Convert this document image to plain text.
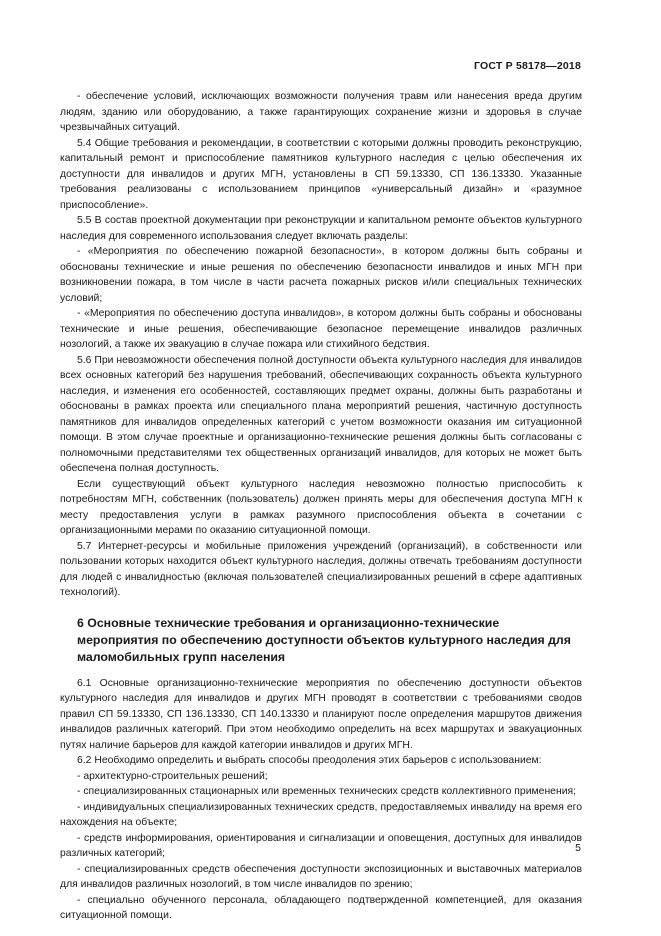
ГОСТ Р 58178—2018

- обеспечение условий, исключающих возможности получения травм или нанесения вреда другим людям, зданию или оборудованию, а также гарантирующих сохранение жизни и здоровья в случае чрезвычайных ситуаций.

5.4 Общие требования и рекомендации, в соответствии с которыми должны проводить реконструкцию, капитальный ремонт и приспособление памятников культурного наследия с целью обеспечения их доступности для инвалидов и других МГН, установлены в СП 59.13330, СП 136.13330. Указанные требования реализованы с использованием принципов «универсальный дизайн» и «разумное приспособление».

5.5 В состав проектной документации при реконструкции и капитальном ремонте объектов культурного наследия для современного использования следует включать разделы:

- «Мероприятия по обеспечению пожарной безопасности», в котором должны быть собраны и обоснованы технические и иные решения по обеспечению безопасности инвалидов и иных МГН при возникновении пожара, в том числе в части расчета пожарных рисков и/или специальных технических условий;

- «Мероприятия по обеспечению доступа инвалидов», в котором должны быть собраны и обоснованы технические и иные решения, обеспечивающие безопасное перемещение инвалидов различных нозологий, а также их эвакуацию в случае пожара или стихийного бедствия.

5.6 При невозможности обеспечения полной доступности объекта культурного наследия для инвалидов всех основных категорий без нарушения требований, обеспечивающих сохранность объекта культурного наследия, и изменения его особенностей, составляющих предмет охраны, должны быть разработаны и обоснованы в рамках проекта или специального плана мероприятий решения, частичную доступность памятников для инвалидов определенных категорий с учетом возможности оказания им ситуационной помощи. В этом случае проектные и организационно-технические решения должны быть согласованы с полномочными представителями тех общественных организаций инвалидов, для которых не может быть обеспечена полная доступность.

Если существующий объект культурного наследия невозможно полностью приспособить к потребностям МГН, собственник (пользователь) должен принять меры для обеспечения доступа МГН к месту предоставления услуги в рамках разумного приспособления объекта в сочетании с организационными мерами по оказанию ситуационной помощи.

5.7 Интернет-ресурсы и мобильные приложения учреждений (организаций), в собственности или пользовании которых находится объект культурного наследия, должны отвечать требованиям доступности для людей с инвалидностью (включая пользователей специализированных решений в сфере адаптивных технологий).

6 Основные технические требования и организационно-технические мероприятия по обеспечению доступности объектов культурного наследия для маломобильных групп населения

6.1 Основные организационно-технические мероприятия по обеспечению доступности объектов культурного наследия для инвалидов и других МГН проводят в соответствии с требованиями сводов правил СП 59.13330, СП 136.13330, СП 140.13330 и планируют после определения маршрутов движения инвалидов различных категорий. При этом необходимо определить на всех маршрутах и эвакуационных путях наличие барьеров для каждой категории инвалидов и других МГН.

6.2 Необходимо определить и выбрать способы преодоления этих барьеров с использованием:

- архитектурно-строительных решений;

- специализированных стационарных или временных технических средств коллективного применения;

- индивидуальных специализированных технических средств, предоставляемых инвалиду на время его нахождения на объекте;

- средств информирования, ориентирования и сигнализации и оповещения, доступных для инвалидов различных категорий;

- специализированных средств обеспечения доступности экспозиционных и выставочных материалов для инвалидов различных нозологий, в том числе инвалидов по зрению;

- специально обученного персонала, обладающего подтвержденной компетенцией, для оказания ситуационной помощи.

5
